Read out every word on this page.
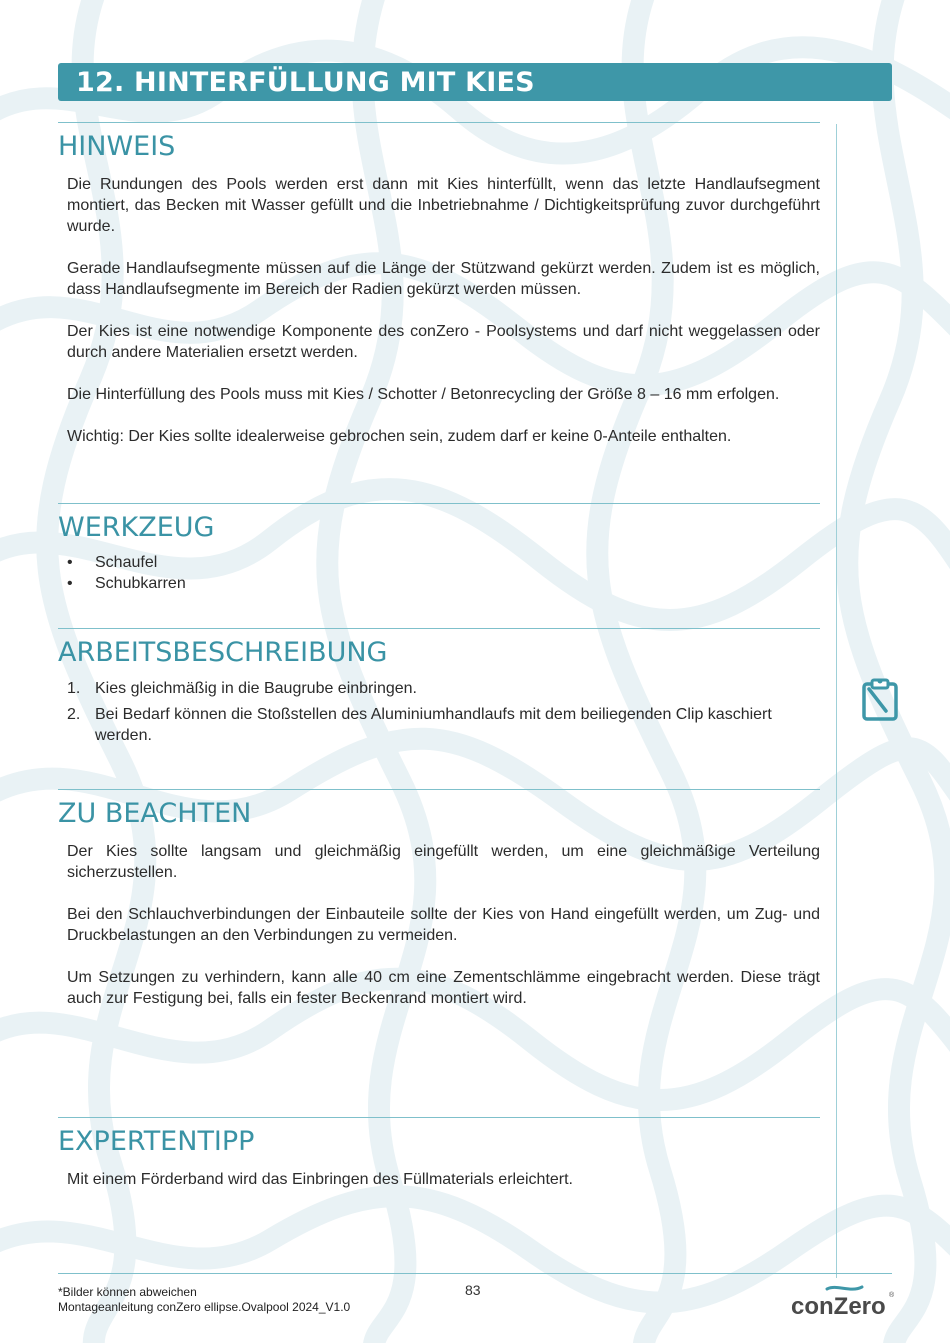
12. HINTERFÜLLUNG MIT KIES
HINWEIS

Die Rundungen des Pools werden erst dann mit Kies hinterfüllt, wenn das letzte Handlaufsegment montiert, das Becken mit Wasser gefüllt und die Inbetriebnahme / Dichtigkeitsprüfung zuvor durchgeführt wurde.

Gerade Handlaufsegmente müssen auf die Länge der Stützwand gekürzt werden. Zudem ist es möglich, dass Handlaufsegmente im Bereich der Radien gekürzt werden müssen.

Der Kies ist eine notwendige Komponente des conZero - Poolsystems und darf nicht weggelassen oder durch andere Materialien ersetzt werden.

Die Hinterfüllung des Pools muss mit Kies / Schotter / Betonrecycling der Größe 8 – 16 mm erfolgen.

Wichtig: Der Kies sollte idealerweise gebrochen sein, zudem darf er keine 0-Anteile enthalten.

WERKZEUG
• Schaufel
• Schubkarren
ARBEITSBESCHREIBUNG
1. Kies gleichmäßig in die Baugrube einbringen.
2. Bei Bedarf können die Stoßstellen des Aluminiumhandlaufs mit dem beiliegenden Clip kaschiert werden.
ZU BEACHTEN

Der Kies sollte langsam und gleichmäßig eingefüllt werden, um eine gleichmäßige Verteilung sicherzustellen.

Bei den Schlauchverbindungen der Einbauteile sollte der Kies von Hand eingefüllt werden, um Zug- und Druckbelastungen an den Verbindungen zu vermeiden.

Um Setzungen zu verhindern, kann alle 40 cm eine Zementschlämme eingebracht werden. Diese trägt auch zur Festigung bei, falls ein fester Beckenrand montiert wird.

EXPERTENTIPP

Mit einem Förderband wird das Einbringen des Füllmaterials erleichtert.

*Bilder können abweichen
Montageanleitung conZero ellipse.Ovalpool 2024_V1.0
83
conZero ®
